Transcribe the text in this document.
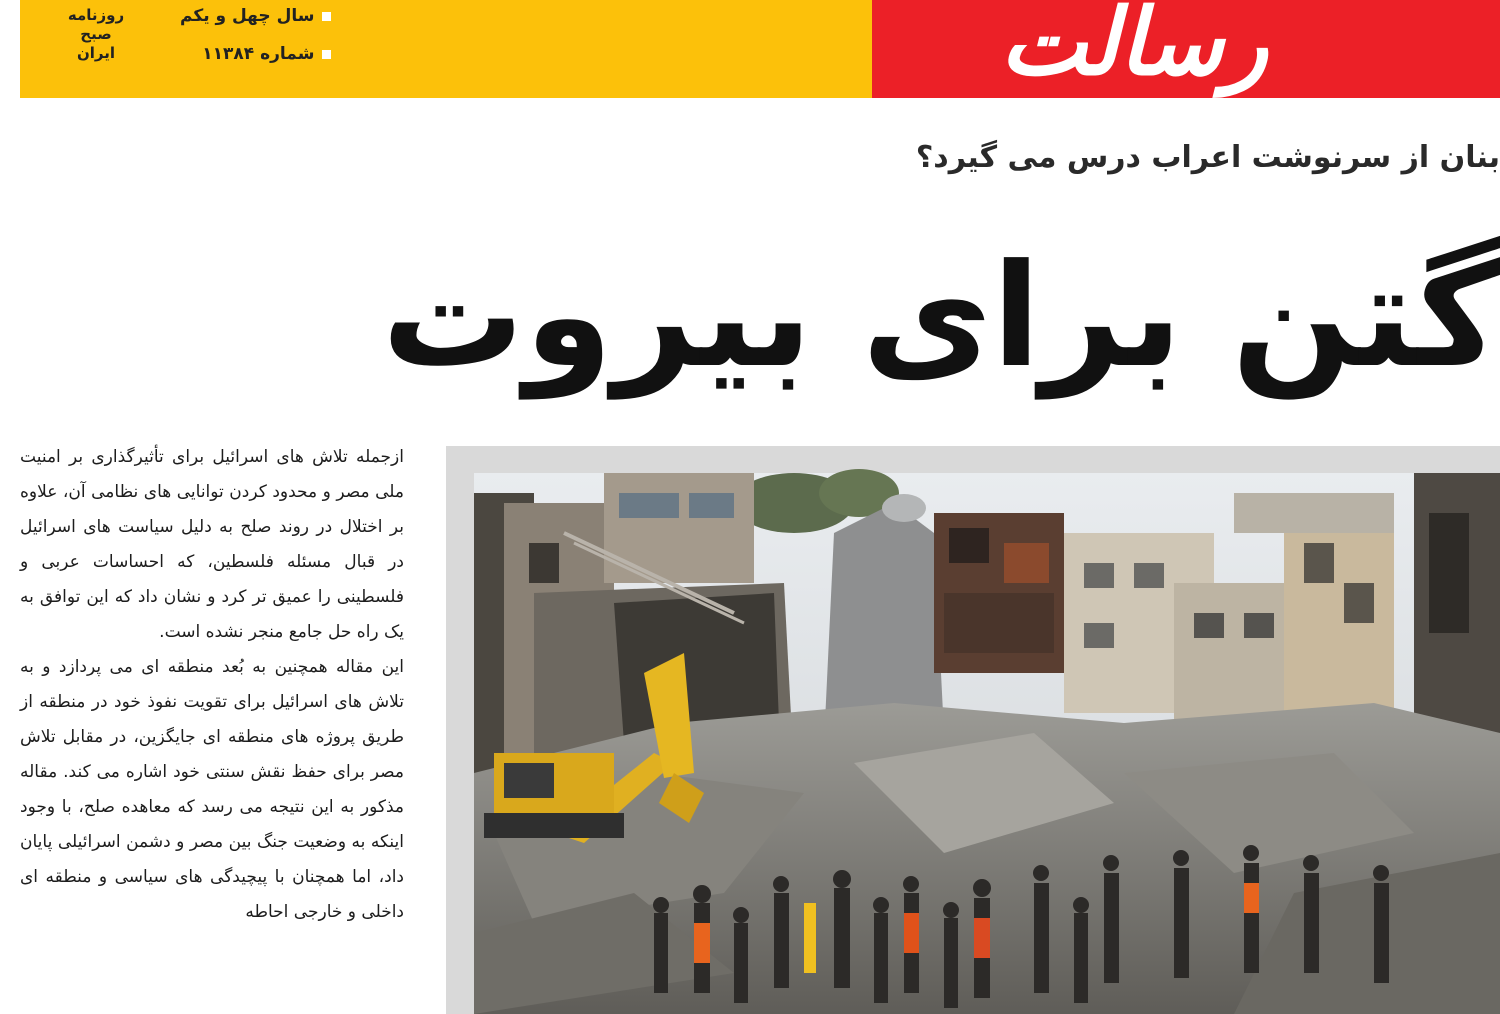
روزنامه
صبح
ایران
سال چهل و یکم
شماره ۱۱۳۸۴	رسالت
بنان از سرنوشت اعراب درس می گیرد؟
گتن برای بیروت

ازجمله تلاش های اسرائیل برای تأثیرگذاری بر امنیت ملی مصر و محدود کردن توانایی های نظامی آن، علاوه بر اختلال در روند صلح به دلیل سیاست های اسرائیل در قبال مسئله فلسطین، که احساسات عربی و فلسطینی را عمیق تر کرد و نشان داد که این توافق به یک راه حل جامع منجر نشده است.

این مقاله همچنین به بُعد منطقه ای می پردازد و به تلاش های اسرائیل برای تقویت نفوذ خود در منطقه از طریق پروژه های منطقه ای جایگزین، در مقابل تلاش مصر برای حفظ نقش سنتی خود اشاره می کند. مقاله مذکور به این نتیجه می رسد که معاهده صلح، با وجود اینکه به وضعیت جنگ بین مصر و دشمن اسرائیلی پایان داد، اما همچنان با پیچیدگی های سیاسی و منطقه ای داخلی و خارجی احاطه
